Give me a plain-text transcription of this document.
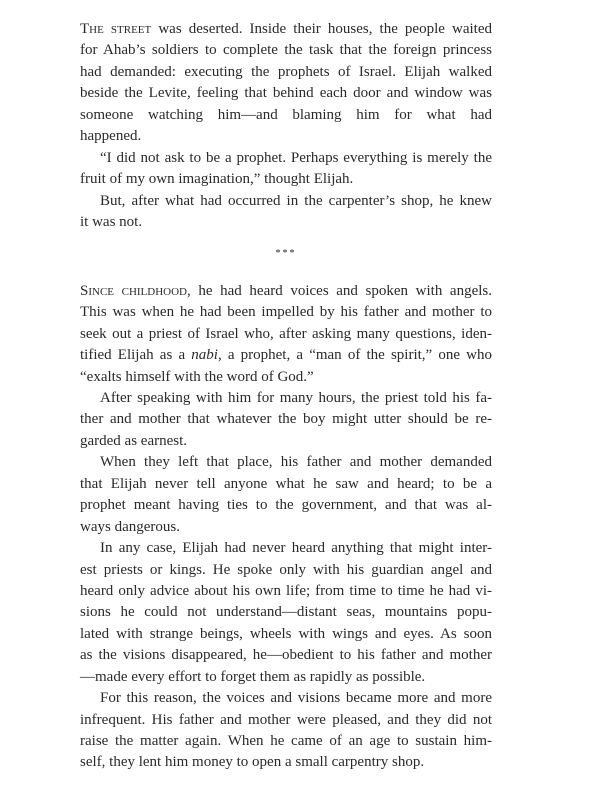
The street was deserted. Inside their houses, the people waited
for Ahab’s soldiers to complete the task that the foreign princess
had demanded: executing the prophets of Israel. Elijah walked
beside the Levite, feeling that behind each door and window was
someone watching him—and blaming him for what had
happened.
“I did not ask to be a prophet. Perhaps everything is merely the
fruit of my own imagination,” thought Elijah.
But, after what had occurred in the carpenter’s shop, he knew
it was not.
***
Since childhood, he had heard voices and spoken with angels.
This was when he had been impelled by his father and mother to
seek out a priest of Israel who, after asking many questions, iden-
tified Elijah as a nabi, a prophet, a “man of the spirit,” one who
“exalts himself with the word of God.”
After speaking with him for many hours, the priest told his fa-
ther and mother that whatever the boy might utter should be re-
garded as earnest.
When they left that place, his father and mother demanded
that Elijah never tell anyone what he saw and heard; to be a
prophet meant having ties to the government, and that was al-
ways dangerous.
In any case, Elijah had never heard anything that might inter-
est priests or kings. He spoke only with his guardian angel and
heard only advice about his own life; from time to time he had vi-
sions he could not understand—distant seas, mountains popu-
lated with strange beings, wheels with wings and eyes. As soon
as the visions disappeared, he—obedient to his father and mother
—made every effort to forget them as rapidly as possible.
For this reason, the voices and visions became more and more
infrequent. His father and mother were pleased, and they did not
raise the matter again. When he came of an age to sustain him-
self, they lent him money to open a small carpentry shop.
